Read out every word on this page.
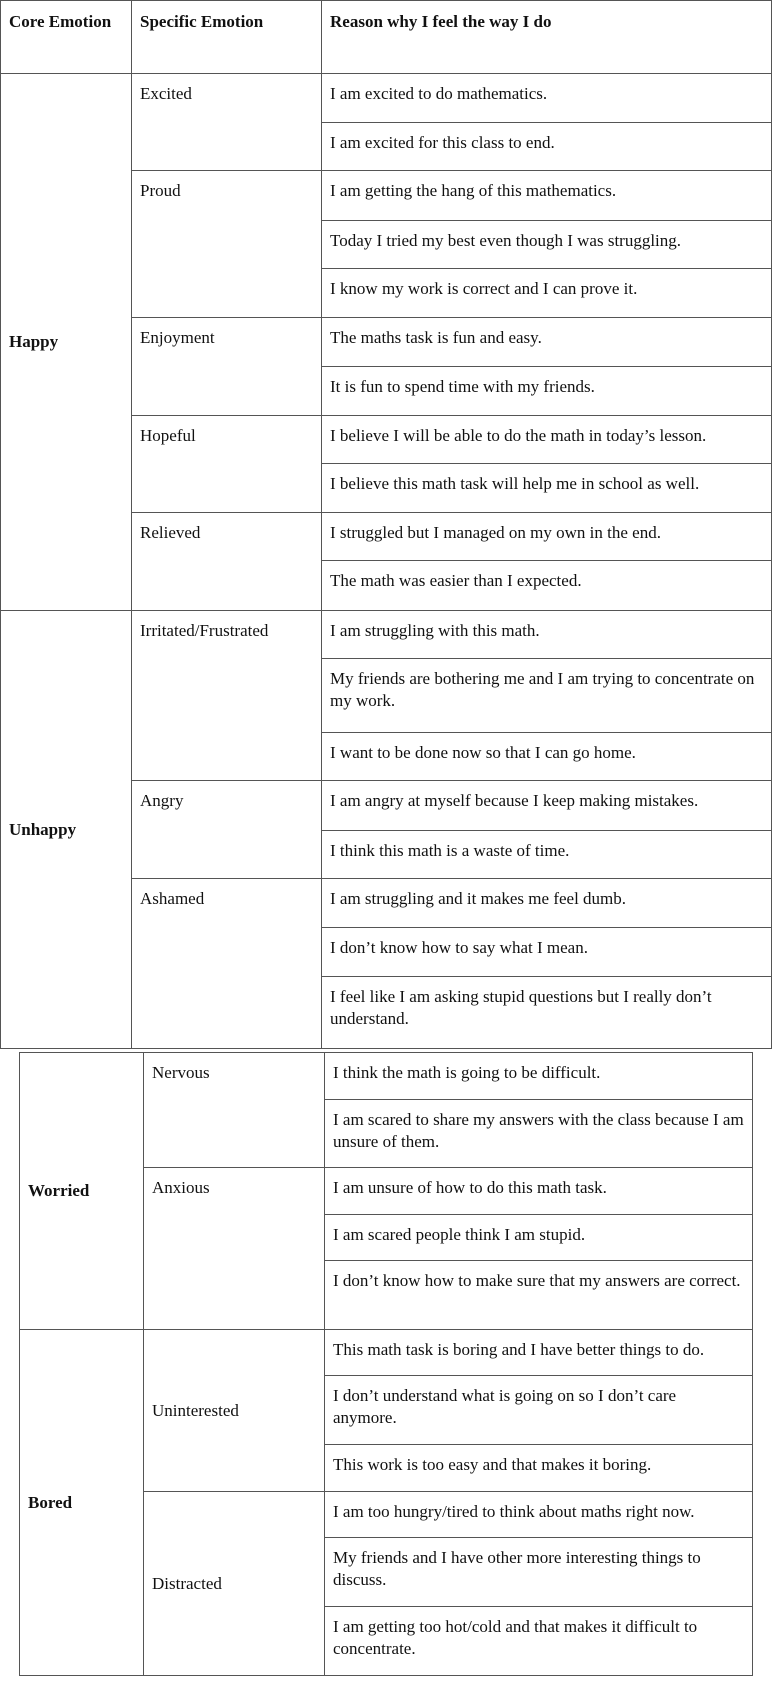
Core Emotion	Specific Emotion	Reason why I feel the way I do
Happy	Excited	I am excited to do mathematics.
		I am excited for this class to end.
	Proud	I am getting the hang of this mathematics.
		Today I tried my best even though I was struggling.
		I know my work is correct and I can prove it.
	Enjoyment	The maths task is fun and easy.
		It is fun to spend time with my friends.
	Hopeful	I believe I will be able to do the math in today’s lesson.
		I believe this math task will help me in school as well.
	Relieved	I struggled but I managed on my own in the end.
		The math was easier than I expected.
Unhappy	Irritated/Frustrated	I am struggling with this math.
		My friends are bothering me and I am trying to concentrate on my work.
		I want to be done now so that I can go home.
	Angry	I am angry at myself because I keep making mistakes.
		I think this math is a waste of time.
	Ashamed	I am struggling and it makes me feel dumb.
		I don’t know how to say what I mean.
		I feel like I am asking stupid questions but I really don’t understand.
Worried	Nervous	I think the math is going to be difficult.
		I am scared to share my answers with the class because I am unsure of them.
	Anxious	I am unsure of how to do this math task.
		I am scared people think I am stupid.
		I don’t know how to make sure that my answers are correct.
Bored	Uninterested	This math task is boring and I have better things to do.
		I don’t understand what is going on so I don’t care anymore.
		This work is too easy and that makes it boring.
	Distracted	I am too hungry/tired to think about maths right now.
		My friends and I have other more interesting things to discuss.
		I am getting too hot/cold and that makes it difficult to concentrate.
